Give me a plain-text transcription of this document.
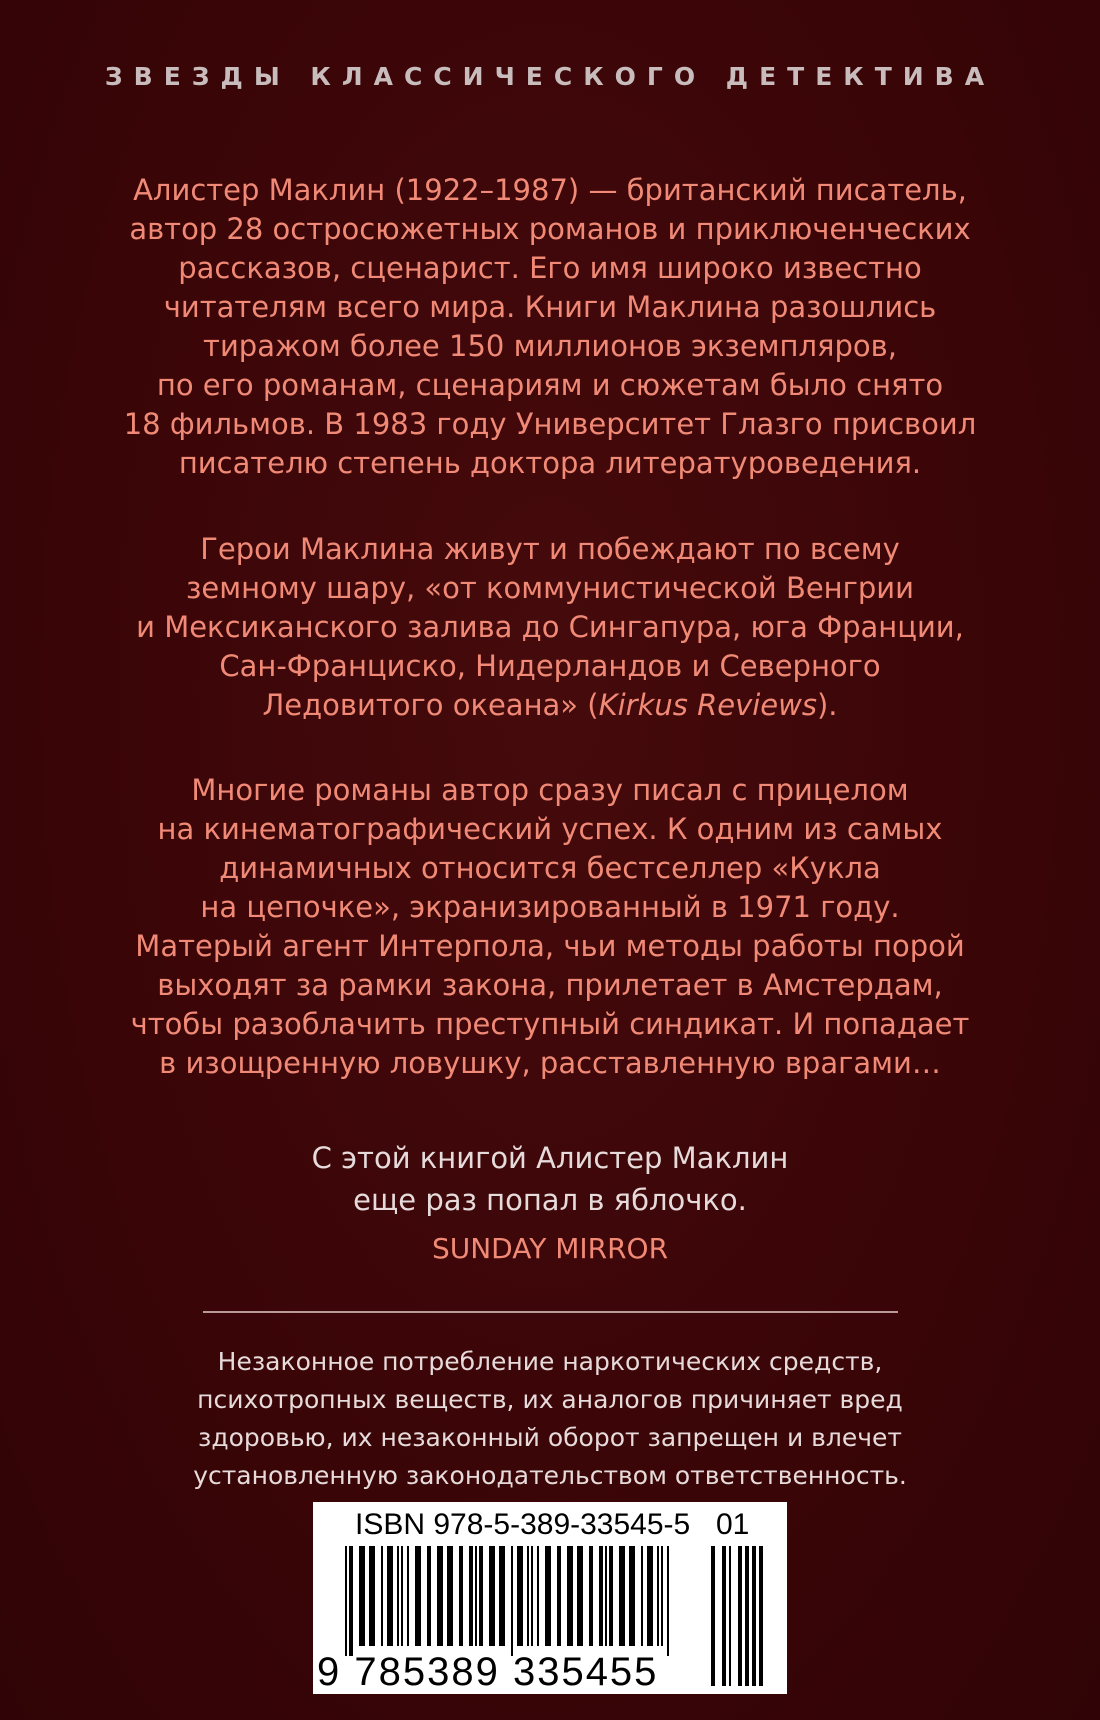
ЗВЕЗДЫ КЛАССИЧЕСКОГО ДЕТЕКТИВА
Алистер Маклин (1922–1987) — британский писатель,
автор 28 остросюжетных романов и приключенческих
рассказов, сценарист. Его имя широко известно
читателям всего мира. Книги Маклина разошлись
тиражом более 150 миллионов экземпляров,
по его романам, сценариям и сюжетам было снято
18 фильмов. В 1983 году Университет Глазго присвоил
писателю степень доктора литературоведения.
Герои Маклина живут и побеждают по всему
земному шару, «от коммунистической Венгрии
и Мексиканского залива до Сингапура, юга Франции,
Сан-Франциско, Нидерландов и Северного
Ледовитого океана» (Kirkus Reviews).
Многие романы автор сразу писал с прицелом
на кинематографический успех. К одним из самых
динамичных относится бестселлер «Кукла
на цепочке», экранизированный в 1971 году.
Матерый агент Интерпола, чьи методы работы порой
выходят за рамки закона, прилетает в Амстердам,
чтобы разоблачить преступный синдикат. И попадает
в изощренную ловушку, расставленную врагами…
С этой книгой Алистер Маклин
еще раз попал в яблочко.
SUNDAY MIRROR
Незаконное потребление наркотических средств,
психотропных веществ, их аналогов причиняет вред
здоровью, их незаконный оборот запрещен и влечет
установленную законодательством ответственность.
ISBN 978-5-389-33545-5 01
9 785389 335455
